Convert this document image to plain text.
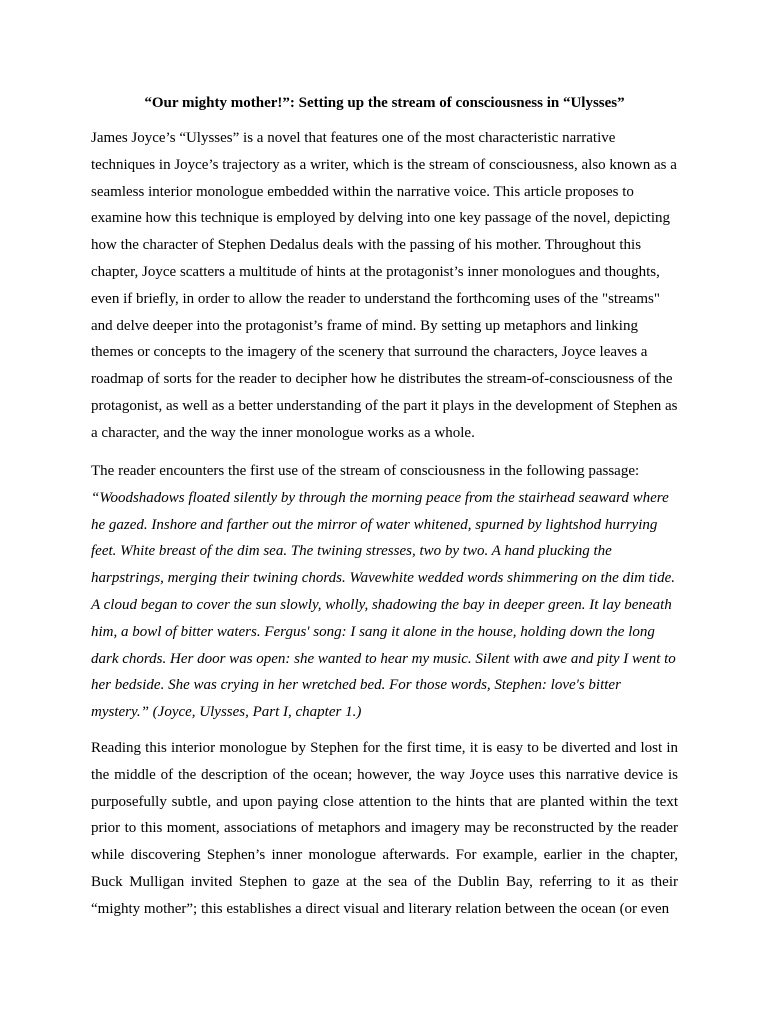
“Our mighty mother!”: Setting up the stream of consciousness in “Ulysses”

James Joyce’s “Ulysses” is a novel that features one of the most characteristic narrative techniques in Joyce’s trajectory as a writer, which is the stream of consciousness, also known as a seamless interior monologue embedded within the narrative voice. This article proposes to examine how this technique is employed by delving into one key passage of the novel, depicting how the character of Stephen Dedalus deals with the passing of his mother. Throughout this chapter, Joyce scatters a multitude of hints at the protagonist’s inner monologues and thoughts, even if briefly, in order to allow the reader to understand the forthcoming uses of the "streams" and delve deeper into the protagonist’s frame of mind. By setting up metaphors and linking themes or concepts to the imagery of the scenery that surround the characters, Joyce leaves a roadmap of sorts for the reader to decipher how he distributes the stream-of-consciousness of the protagonist, as well as a better understanding of the part it plays in the development of Stephen as a character, and the way the inner monologue works as a whole.

The reader encounters the first use of the stream of consciousness in the following passage: “Woodshadows floated silently by through the morning peace from the stairhead seaward where he gazed. Inshore and farther out the mirror of water whitened, spurned by lightshod hurrying feet. White breast of the dim sea. The twining stresses, two by two. A hand plucking the harpstrings, merging their twining chords. Wavewhite wedded words shimmering on the dim tide. A cloud began to cover the sun slowly, wholly, shadowing the bay in deeper green. It lay beneath him, a bowl of bitter waters. Fergus' song: I sang it alone in the house, holding down the long dark chords. Her door was open: she wanted to hear my music. Silent with awe and pity I went to her bedside. She was crying in her wretched bed. For those words, Stephen: love's bitter mystery.” (Joyce, Ulysses, Part I, chapter 1.)

Reading this interior monologue by Stephen for the first time, it is easy to be diverted and lost in the middle of the description of the ocean; however, the way Joyce uses this narrative device is purposefully subtle, and upon paying close attention to the hints that are planted within the text prior to this moment, associations of metaphors and imagery may be reconstructed by the reader while discovering Stephen’s inner monologue afterwards. For example, earlier in the chapter, Buck Mulligan invited Stephen to gaze at the sea of the Dublin Bay, referring to it as their “mighty mother”; this establishes a direct visual and literary relation between the ocean (or even
